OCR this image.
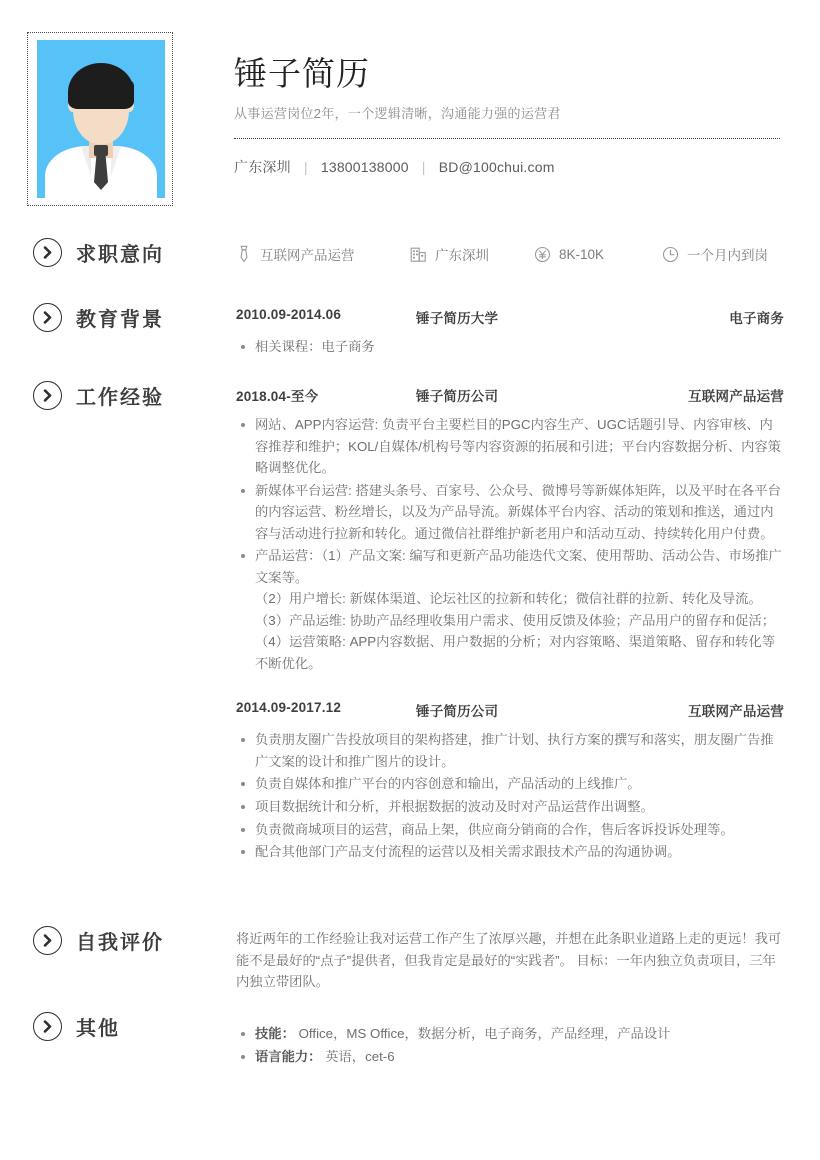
锤子简历
从事运营岗位2年，一个逻辑清晰，沟通能力强的运营君
广东深圳 | 13800138000 | BD@100chui.com
求职意向	互联网产品运营	广东深圳	8K-10K	一个月内到岗
教育背景	2010.09-2014.06	锤子简历大学	电子商务
相关课程：电子商务
工作经验	2018.04-至今	锤子简历公司	互联网产品运营
网站、APP内容运营: 负责平台主要栏目的PGC内容生产、UGC话题引导、内容审核、内容推荐和维护；KOL/自媒体/机构号等内容资源的拓展和引进；平台内容数据分析、内容策略调整优化。
新媒体平台运营: 搭建头条号、百家号、公众号、微博号等新媒体矩阵，以及平时在各平台的内容运营、粉丝增长，以及为产品导流。新媒体平台内容、活动的策划和推送，通过内容与活动进行拉新和转化。通过微信社群维护新老用户和活动互动、持续转化用户付费。
产品运营：（1）产品文案: 编写和更新产品功能迭代文案、使用帮助、活动公告、市场推广文案等。
（2）用户增长: 新媒体渠道、论坛社区的拉新和转化；微信社群的拉新、转化及导流。
（3）产品运维: 协助产品经理收集用户需求、使用反馈及体验；产品用户的留存和促活；
（4）运营策略: APP内容数据、用户数据的分析；对内容策略、渠道策略、留存和转化等不断优化。
2014.09-2017.12	锤子简历公司	互联网产品运营
负责朋友圈广告投放项目的架构搭建，推广计划、执行方案的撰写和落实，朋友圈广告推广文案的设计和推广图片的设计。
负责自媒体和推广平台的内容创意和输出，产品活动的上线推广。
项目数据统计和分析，并根据数据的波动及时对产品运营作出调整。
负责微商城项目的运营，商品上架，供应商分销商的合作，售后客诉投诉处理等。
配合其他部门产品支付流程的运营以及相关需求跟技术产品的沟通协调。
自我评价	将近两年的工作经验让我对运营工作产生了浓厚兴趣，并想在此条职业道路上走的更远！我可能不是最好的“点子”提供者，但我肯定是最好的“实践者”。 目标：一年内独立负责项目，三年内独立带团队。
其他	技能： Office，MS Office，数据分析，电子商务，产品经理，产品设计
语言能力： 英语，cet-6
